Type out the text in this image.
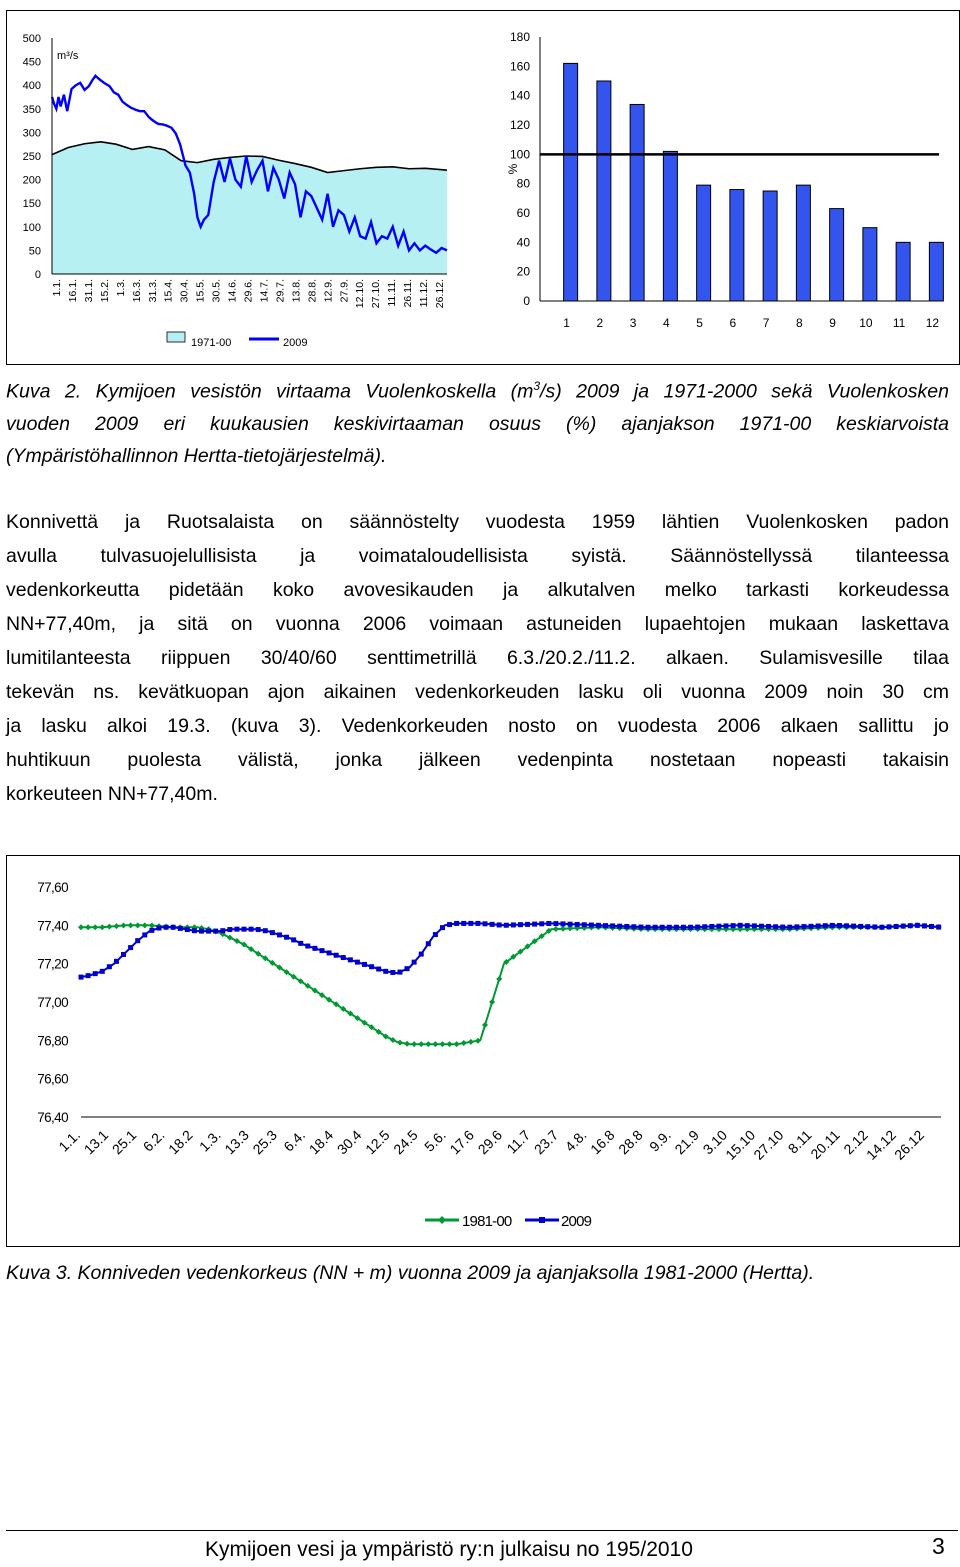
500
450
400
350
300
250
200
150
100
50
0
m³/s
1.1. 16.1. 31.1. 15.2. 1.3. 16.3. 31.3. 15.4. 30.4. 15.5. 30.5. 14.6. 29.6. 14.7. 29.7. 13.8. 28.8. 12.9. 27.9. 12.10. 27.10. 11.11. 26.11. 11.12. 26.12.
1971-00	2009
180
160
140
120
100
80
60
40
20
0
%
1 2 3 4 5 6 7 8 9 10 11 12
Kuva 2. Kymijoen vesistön virtaama Vuolenkoskella $(m^3/s)$ 2009 ja 1971-2000 sekä Vuolenkosken
vuoden 2009 eri kuukausien keskivirtaaman osuus (%) ajanjakson 1971-00 keskiarvoista
(Ympäristöhallinnon Hertta-tietojärjestelmä).
Konnivettä ja Ruotsalaista on säännöstelty vuodesta 1959 lähtien Vuolenkosken padon
avulla tulvasuojelullisista ja voimataloudellisista syistä. Säännöstellyssä tilanteessa
vedenkorkeutta pidetään koko avovesikauden ja alkutalven melko tarkasti korkeudessa
NN+77,40m, ja sitä on vuonna 2006 voimaan astuneiden lupaehtojen mukaan laskettava
lumitilanteesta riippuen 30/40/60 senttimetrillä 6.3./20.2./11.2. alkaen. Sulamisvesille tilaa
tekevän ns. kevätkuopan ajon aikainen vedenkorkeuden lasku oli vuonna 2009 noin 30 cm
ja lasku alkoi 19.3. (kuva 3). Vedenkorkeuden nosto on vuodesta 2006 alkaen sallittu jo
huhtikuun puolesta välistä, jonka jälkeen vedenpinta nostetaan nopeasti takaisin
korkeuteen NN+77,40m.
77,60
77,40
77,20
77,00
76,80
76,60
76,40
1.1.
13.1
25.1 6.2.
18.2 1.3.
13.3
25.3 6.4.
18.4
30.4
12.5
24.5 5.6.
17.6
29.6
11.7
23.7 4.8.
16.8
28.8 9.9.
21.9
3.10
15.10
27.10
8.11
20.11
2.12
14.12
26.12
1981-00	2009
Kuva 3. Konniveden vedenkorkeus (NN + m) vuonna 2009 ja ajanjaksolla 1981-2000 (Hertta).
Kymijoen vesi ja ympäristö ry:n julkaisu no 195/2010	3
